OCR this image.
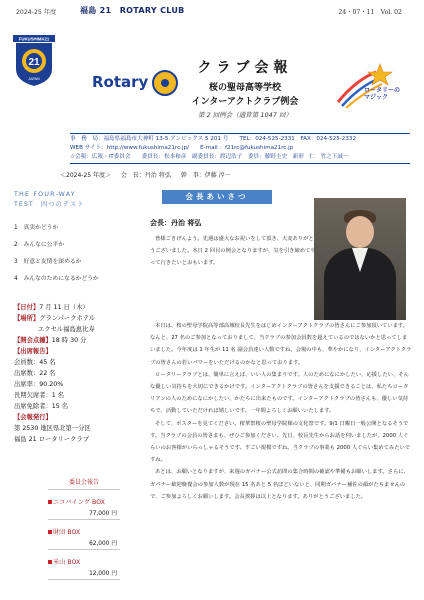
2024-25 年度	福島 21　ROTARY CLUB	24・07・11　Vol. 02
FUKUSHIMA21
21
JAPAN	Rotary
クラブ会報
桜の聖母高等学校
インターアクトクラブ例会
第 2 回例会（通算第 1047 回）
ロータリーの
マジック
事　務　局：福島県福島市大神町 13-5 アンビックス 5 201 号　　TEL：024-525-2331　FAX：024-525-2332
WEB サイト：http://www.fukushima21rc.jp/　　E-mail ：f21rc@fukushima21rc.jp
☆会報：広報・IT委員会　　委員長：松本和彦　副委員長：渡辺浩子　委員：藤野圭史　新形　仁　竹之下誠一
＜2024-25 年度＞ 会　長：丹治 将弘 幹　事：伊藤 淳一
THE FOUR-WAY
TEST　四つのテスト
1　真実かどうか
2　みんなに公平か
3　好意と友情を深めるか
4　みんなのためになるかどうか
【日付】7 月 11 日（木）
【場所】グランパークホテル
エクセル福島恵比寿
【開会点鐘】18 時 30 分
【出席報告】
会員数：45 名
出席数：22 名
出席率：90.20%
長期欠席者：1 名
出席免除者：15 名
【会報発行】
第 2530 地区県北第一分区
福島 21 ロータリークラブ
委員会報告
ニコバイング BOX
77,000 円
財団 BOX
62,000 円
米山 BOX
12,000 円
会長あいさつ
会長：丹治 将弘

皆様ごきげんよう。先週は盛大なお祝いをして頂き、大変ありがとうございました。本日 2 回目の例会となりますが、気を引き締めてやって行きたいとおもいます。

本日は、桜の聖母学院高等部高城校長先生をはじめインターアクトクラブの皆さんにご参加頂いています。なんと、27 名のご参加となっておりまして、当クラブの参加会員数を超えているのではないかと思ってしまいました。今年度は 1 年生が 11 名 副会員達い人数ですね。会場の中も、華やかになり、インターアクトクラブの皆さんの若いパワーをいただけるのかなと思っております。

ロータリークラブとは、簡単に言えば、いい人の集まりです。人のためになにかしたい、応援したい、そんな優しい気持ちを大切にできるかけです。インターアクトクラブの皆さんを支援できることは、私たちロータリアンの人のためになにかしたい、かたちに出来たものです。インターアクトクラブの皆さんも、優しい気持ちで、活動していただければ嬉しいです。一年間よろしくお願いいたします。

そして、ポスターを見てください。桜華祭桜の聖母学院様の文化祭です。9/1 日曜日一般公開となるそうです。当クラブの会員の皆さまも、ぜひご参加ください。先日、校長先生からお話を伺いましたが、2000 人ぐらいのお客様がいらっしゃるそうです。すごい規模ですね。当クラブの事業も 2000 人ぐらい集めてみたいですね。

あとは、お願いとなりますが、来週のガバナー公式訪問の集合時間の確認や準備もお願いします。さらに、ガバナー歓迎晩餐会の参加人数が現在 15 名あと 5 名ほどいないと、同期ガバナー補佐の顔がたちませんので、ご参加よろしくお願いします。会長挨拶は以上となります。ありがとうございました。
